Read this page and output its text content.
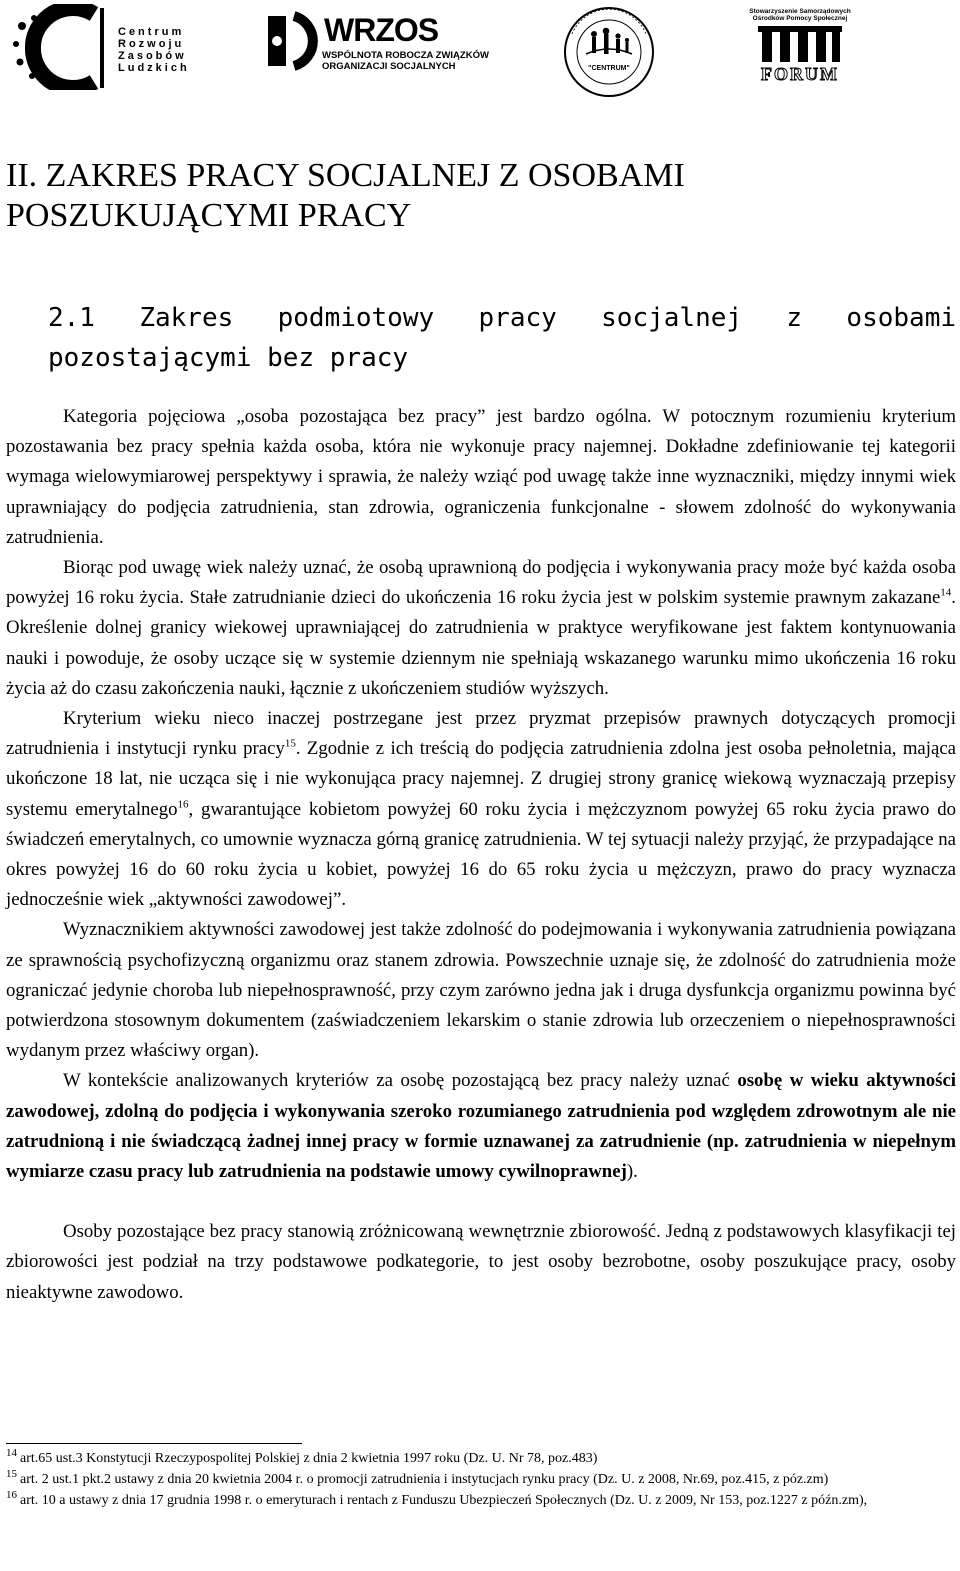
Centrum
Rozwoju
Zasobów
Ludzkich
WRZOS
WSPÓLNOTA ROBOCZA ZWIĄZKÓW
ORGANIZACJI SOCJALNYCH	"CENTRUM"
Stowarzyszenie Samorządowych
Ośrodków Pomocy Społecznej
FORUM
II. ZAKRES PRACY SOCJALNEJ Z OSOBAMI
POSZUKUJĄCYMI PRACY
2.1 Zakres podmiotowy pracy socjalnej z osobami
pozostającymi bez pracy

Kategoria pojęciowa „osoba pozostająca bez pracy” jest bardzo ogólna. W potocznym rozumieniu kryterium pozostawania bez pracy spełnia każda osoba, która nie wykonuje pracy najemnej. Dokładne zdefiniowanie tej kategorii wymaga wielowymiarowej perspektywy i sprawia, że należy wziąć pod uwagę także inne wyznaczniki, między innymi wiek uprawniający do podjęcia zatrudnienia, stan zdrowia, ograniczenia funkcjonalne - słowem zdolność do wykonywania zatrudnienia.

Biorąc pod uwagę wiek należy uznać, że osobą uprawnioną do podjęcia i wykonywania pracy może być każda osoba powyżej 16 roku życia. Stałe zatrudnianie dzieci do ukończenia 16 roku życia jest w polskim systemie prawnym zakazane$^{14}$. Określenie dolnej granicy wiekowej uprawniającej do zatrudnienia w praktyce weryfikowane jest faktem kontynuowania nauki i powoduje, że osoby uczące się w systemie dziennym nie spełniają wskazanego warunku mimo ukończenia 16 roku życia aż do czasu zakończenia nauki, łącznie z ukończeniem studiów wyższych.

Kryterium wieku nieco inaczej postrzegane jest przez pryzmat przepisów prawnych dotyczących promocji zatrudnienia i instytucji rynku pracy$^{15}$. Zgodnie z ich treścią do podjęcia zatrudnienia zdolna jest osoba pełnoletnia, mająca ukończone 18 lat, nie ucząca się i nie wykonująca pracy najemnej. Z drugiej strony granicę wiekową wyznaczają przepisy systemu emerytalnego$^{16}$, gwarantujące kobietom powyżej 60 roku życia i mężczyznom powyżej 65 roku życia prawo do świadczeń emerytalnych, co umownie wyznacza górną granicę zatrudnienia. W tej sytuacji należy przyjąć, że przypadające na okres powyżej 16 do 60 roku życia u kobiet, powyżej 16 do 65 roku życia u mężczyzn, prawo do pracy wyznacza jednocześnie wiek „aktywności zawodowej”.

Wyznacznikiem aktywności zawodowej jest także zdolność do podejmowania i wykonywania zatrudnienia powiązana ze sprawnością psychofizyczną organizmu oraz stanem zdrowia. Powszechnie uznaje się, że zdolność do zatrudnienia może ograniczać jedynie choroba lub niepełnosprawność, przy czym zarówno jedna jak i druga dysfunkcja organizmu powinna być potwierdzona stosownym dokumentem (zaświadczeniem lekarskim o stanie zdrowia lub orzeczeniem o niepełnosprawności wydanym przez właściwy organ).

W kontekście analizowanych kryteriów za osobę pozostającą bez pracy należy uznać osobę w wieku aktywności zawodowej, zdolną do podjęcia i wykonywania szeroko rozumianego zatrudnienia pod względem zdrowotnym ale nie zatrudnioną i nie świadczącą żadnej innej pracy w formie uznawanej za zatrudnienie (np. zatrudnienia w niepełnym wymiarze czasu pracy lub zatrudnienia na podstawie umowy cywilnoprawnej).

Osoby pozostające bez pracy stanowią zróżnicowaną wewnętrznie zbiorowość. Jedną z podstawowych klasyfikacji tej zbiorowości jest podział na trzy podstawowe podkategorie, to jest osoby bezrobotne, osoby poszukujące pracy, osoby nieaktywne zawodowo.

14 art.65 ust.3 Konstytucji Rzeczypospolitej Polskiej z dnia 2 kwietnia 1997 roku (Dz. U. Nr 78, poz.483)
15 art. 2 ust.1 pkt.2 ustawy z dnia 20 kwietnia 2004 r. o promocji zatrudnienia i instytucjach rynku pracy (Dz. U. z 2008, Nr.69, poz.415, z póz.zm)
16 art. 10 a ustawy z dnia 17 grudnia 1998 r. o emeryturach i rentach z Funduszu Ubezpieczeń Społecznych (Dz. U. z 2009, Nr 153, poz.1227 z późn.zm),
